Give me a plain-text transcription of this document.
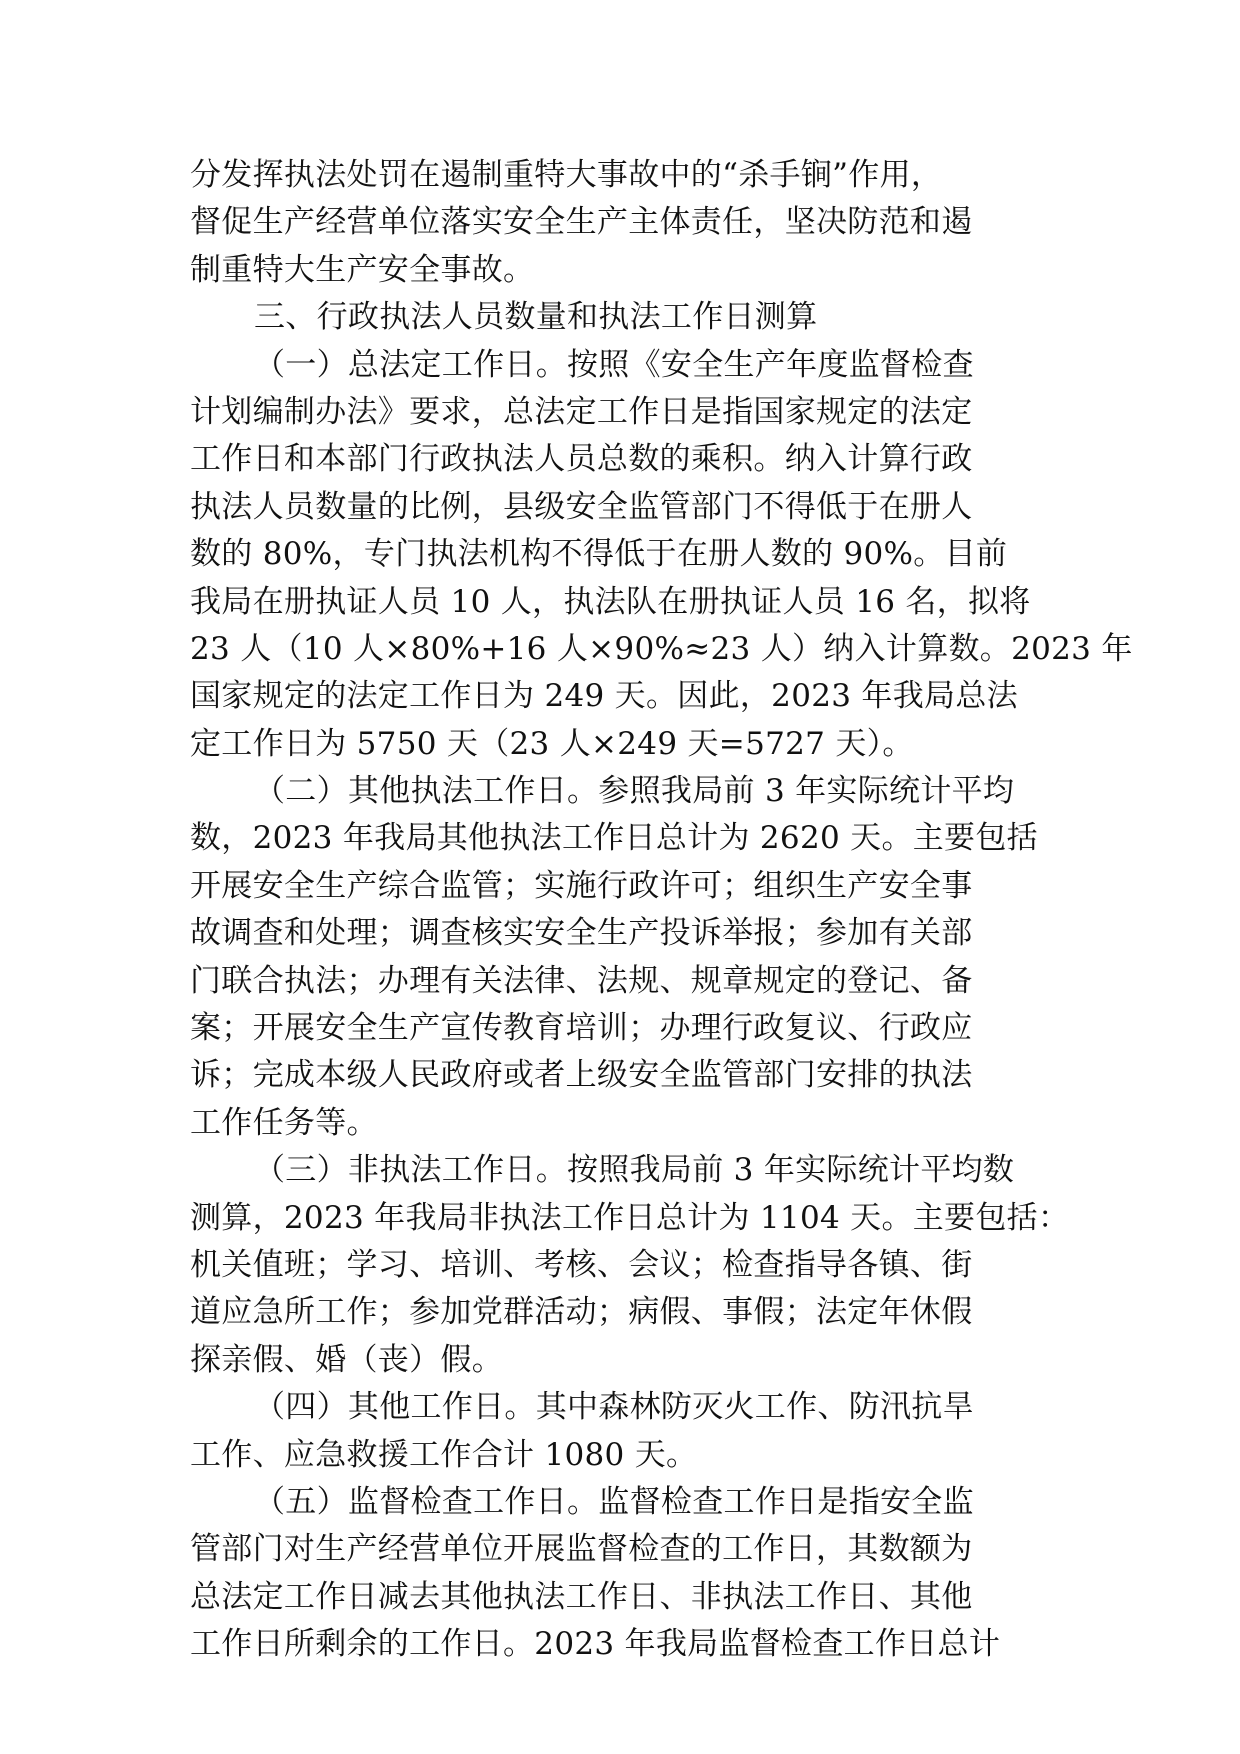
分发挥执法处罚在遏制重特大事故中的“杀手锏”作用，
督促生产经营单位落实安全生产主体责任，坚决防范和遏
制重特大生产安全事故。
三、行政执法人员数量和执法工作日测算
（一）总法定工作日。按照《安全生产年度监督检查
计划编制办法》要求，总法定工作日是指国家规定的法定
工作日和本部门行政执法人员总数的乘积。纳入计算行政
执法人员数量的比例，县级安全监管部门不得低于在册人
数的 80%，专门执法机构不得低于在册人数的 90%。目前
我局在册执证人员 10 人，执法队在册执证人员 16 名，拟将
23 人（10 人×80%+16 人×90%≈23 人）纳入计算数。2023 年
国家规定的法定工作日为 249 天。因此，2023 年我局总法
定工作日为 5750 天（23 人×249 天=5727 天）。
（二）其他执法工作日。参照我局前 3 年实际统计平均
数，2023 年我局其他执法工作日总计为 2620 天。主要包括
开展安全生产综合监管；实施行政许可；组织生产安全事
故调查和处理；调查核实安全生产投诉举报；参加有关部
门联合执法；办理有关法律、法规、规章规定的登记、备
案；开展安全生产宣传教育培训；办理行政复议、行政应
诉；完成本级人民政府或者上级安全监管部门安排的执法
工作任务等。
（三）非执法工作日。按照我局前 3 年实际统计平均数
测算，2023 年我局非执法工作日总计为 1104 天。主要包括：
机关值班；学习、培训、考核、会议；检查指导各镇、街
道应急所工作；参加党群活动；病假、事假；法定年休假
探亲假、婚（丧）假。
（四）其他工作日。其中森林防灭火工作、防汛抗旱
工作、应急救援工作合计 1080 天。
（五）监督检查工作日。监督检查工作日是指安全监
管部门对生产经营单位开展监督检查的工作日，其数额为
总法定工作日减去其他执法工作日、非执法工作日、其他
工作日所剩余的工作日。2023 年我局监督检查工作日总计
